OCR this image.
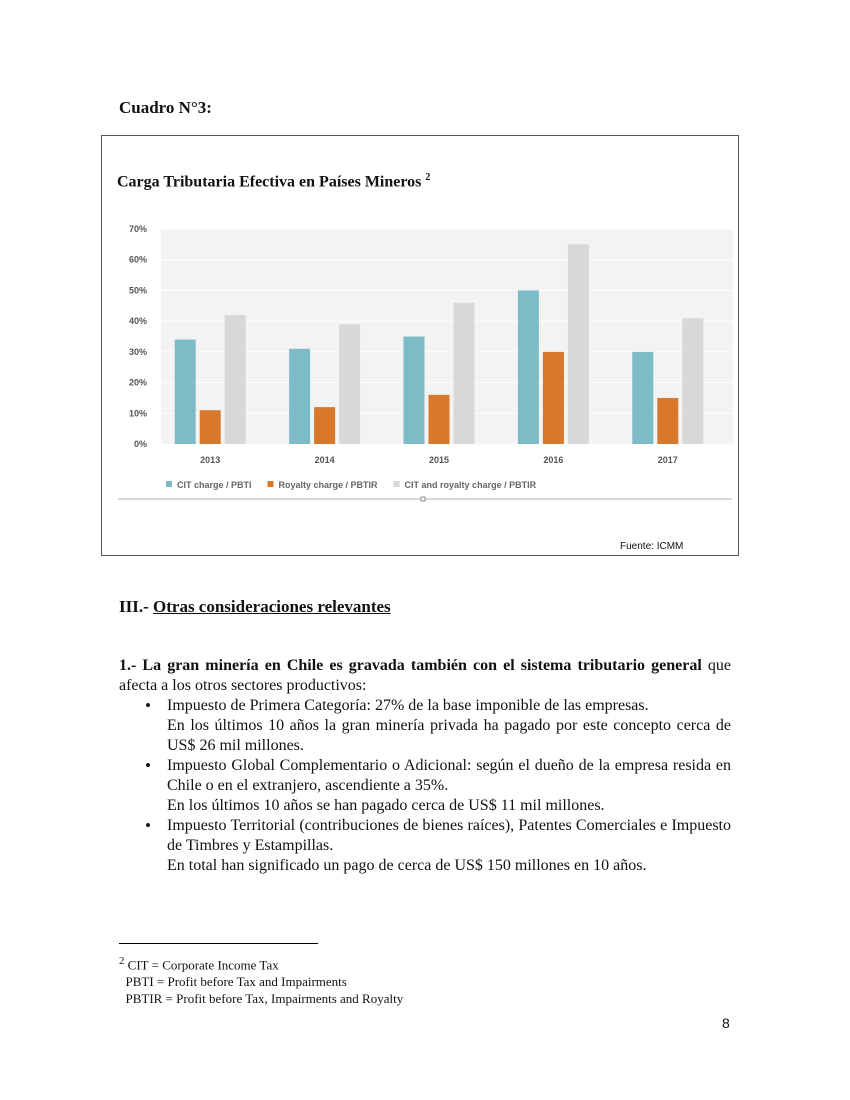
Cuadro N°3:
Carga Tributaria Efectiva en Países Mineros $^2$
0%
10%
20%
30%
40%
50%
60%
70%
2013	2014	2015	2016	2017
CIT charge / PBTI	Royalty charge / PBTIR	CIT and royalty charge / PBTIR
Fuente: ICMM
III.- Otras consideraciones relevantes

1.- La gran minería en Chile es gravada también con el sistema tributario general que afecta a los otros sectores productivos:

• Impuesto de Primera Categoría: 27% de la base imponible de las empresas.
En los últimos 10 años la gran minería privada ha pagado por este concepto cerca de US$ 26 mil millones.
• Impuesto Global Complementario o Adicional: según el dueño de la empresa resida en Chile o en el extranjero, ascendiente a 35%.
En los últimos 10 años se han pagado cerca de US$ 11 mil millones.
• Impuesto Territorial (contribuciones de bienes raíces), Patentes Comerciales e Impuesto de Timbres y Estampillas.
En total han significado un pago de cerca de US$ 150 millones en 10 años.
$^2$ CIT = Corporate Income Tax
PBTI = Profit before Tax and Impairments
PBTIR = Profit before Tax, Impairments and Royalty
8
